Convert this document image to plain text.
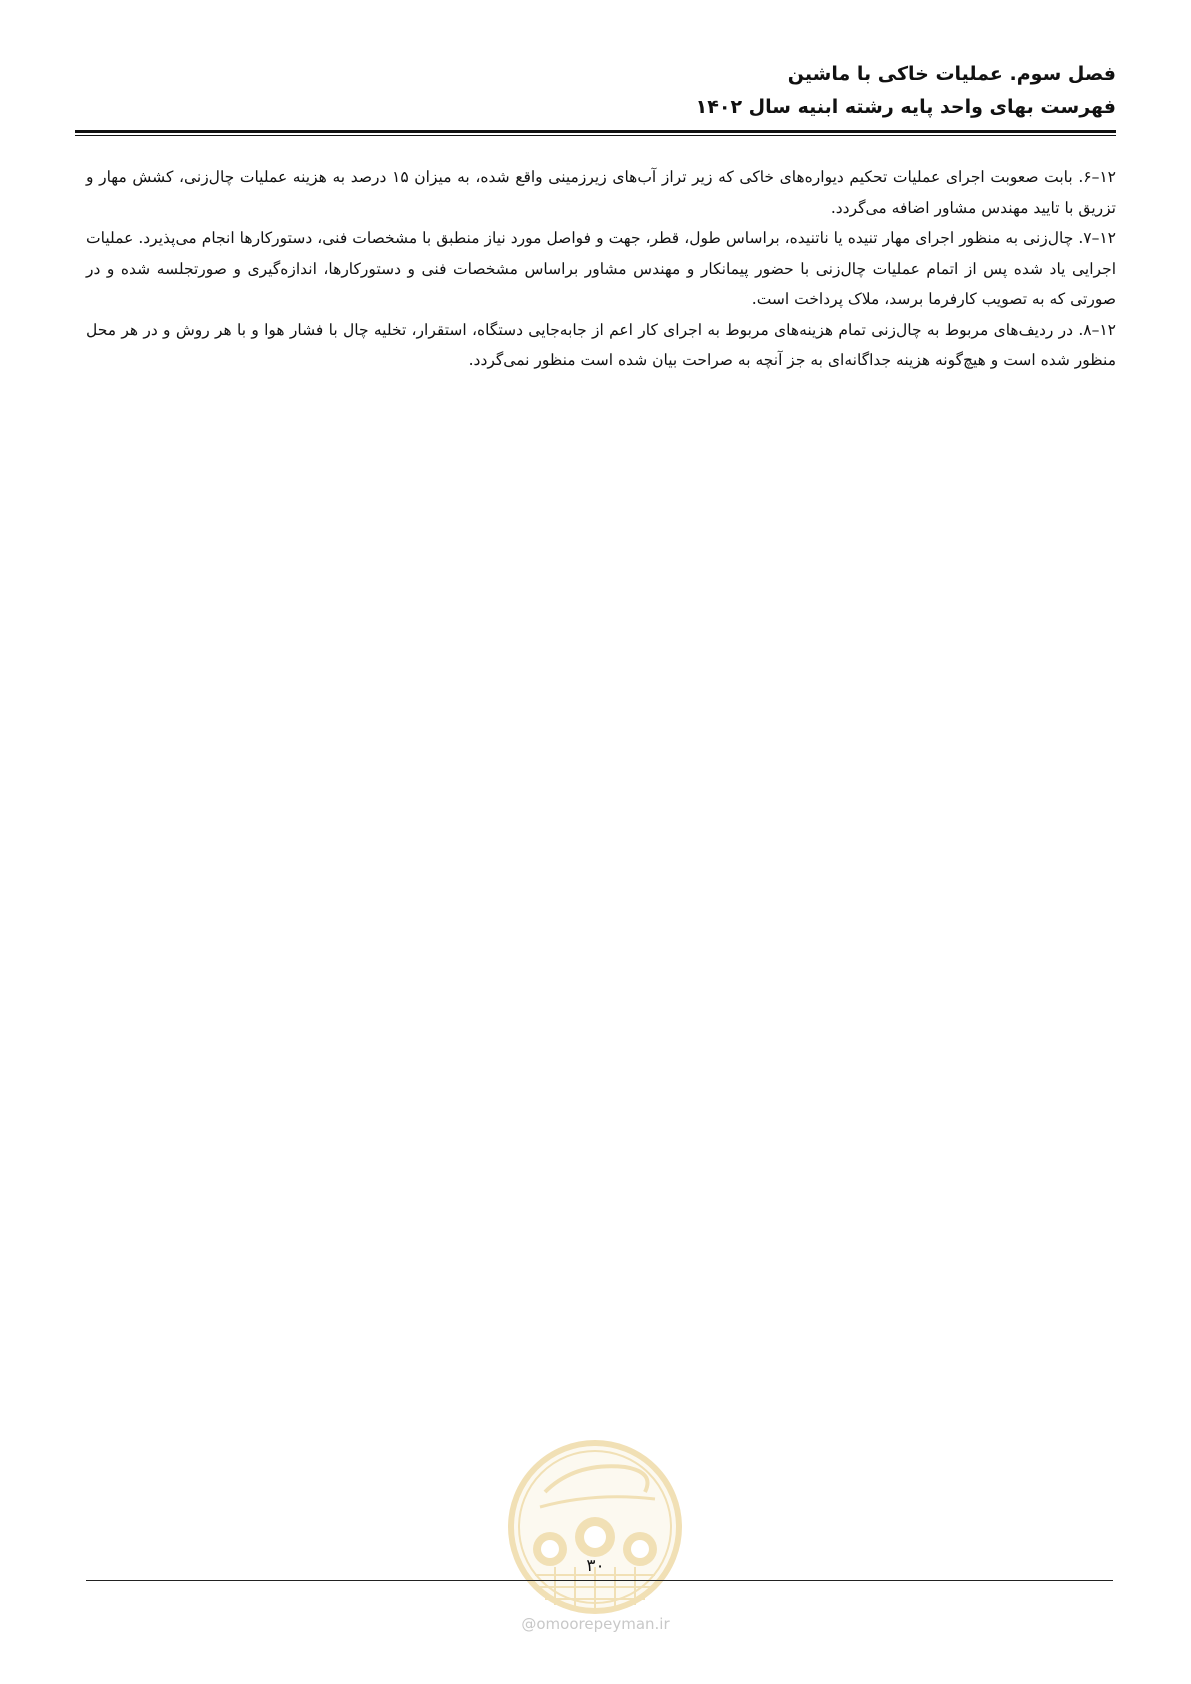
فصل سوم. عملیات خاکی با ماشین
فهرست بهای واحد پایه رشته ابنیه سال ۱۴۰۲

۱۲–۶. بابت صعوبت اجرای عملیات تحکیم دیواره‌های خاکی که زیر تراز آب‌های زیرزمینی واقع شده، به میزان ۱۵ درصد به هزینه عملیات چال‌زنی، کشش مهار و تزریق با تایید مهندس مشاور اضافه می‌گردد.

۱۲–۷. چال‌زنی به منظور اجرای مهار تنیده یا ناتنیده، براساس طول، قطر، جهت و فواصل مورد نیاز منطبق با مشخصات فنی، دستورکارها انجام می‌پذیرد. عملیات اجرایی یاد شده پس از اتمام عملیات چال‌زنی با حضور پیمانکار و مهندس مشاور براساس مشخصات فنی و دستورکارها، اندازه‌گیری و صورتجلسه شده و در صورتی که به تصویب کارفرما برسد، ملاک پرداخت است.

۱۲–۸. در ردیف‌های مربوط به چال‌زنی تمام هزینه‌های مربوط به اجرای کار اعم از جابه‌جایی دستگاه، استقرار، تخلیه چال با فشار هوا و با هر روش و در هر محل منظور شده است و هیچ‌گونه هزینه جداگانه‌ای به جز آنچه به صراحت بیان شده است منظور نمی‌گردد.

۳۰
@omoorepeyman.ir
